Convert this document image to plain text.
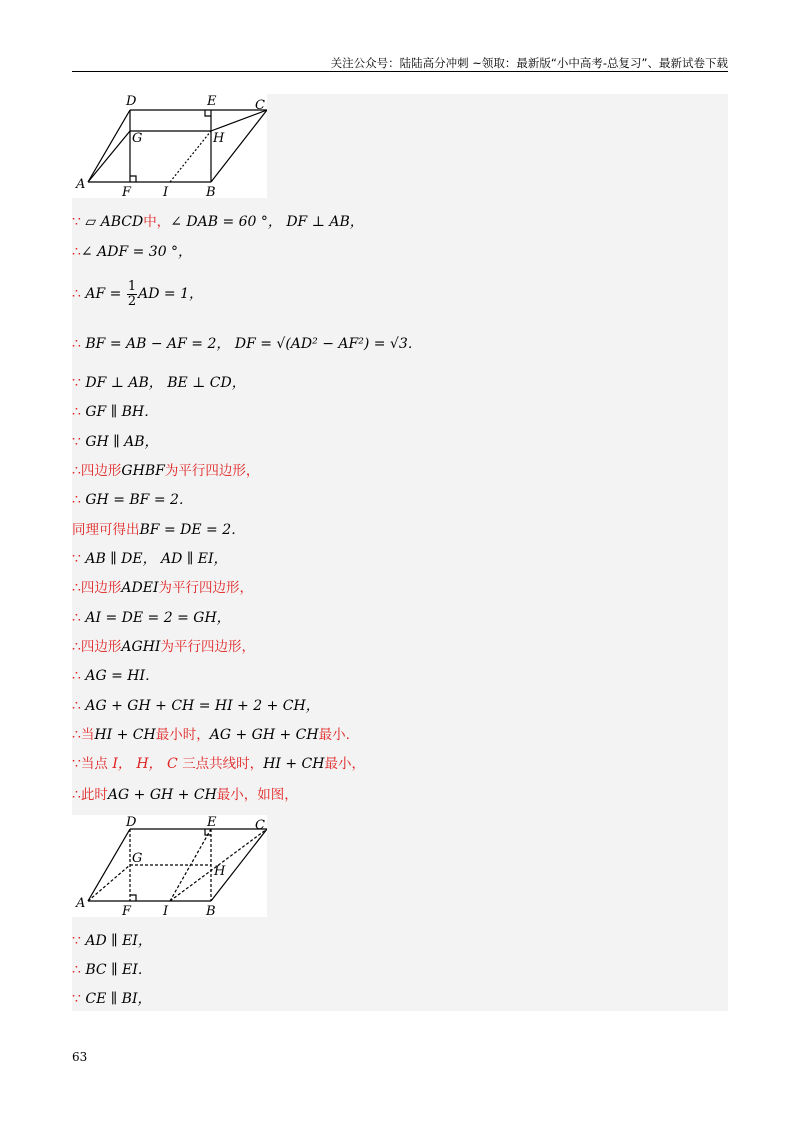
关注公众号：陆陆高分冲刺 ~领取：最新版“小中高考-总复习”、最新试卷下载
D	E	C
G	H
A
F I	B
∵ ▱ ABCD中，∠ DAB = 60 °， DF ⊥ AB，
∴∠ ADF = 30 °，
∴ AF = $\frac{1}{2}$ AD = 1，
∴ BF = AB − AF = 2， DF = √(AD² − AF²) = √3．
∵ DF ⊥ AB， BE ⊥ CD，
∴ GF ∥ BH．
∵ GH ∥ AB，
∴四边形GHBF为平行四边形，
∴ GH = BF = 2．
同理可得出BF = DE = 2．
∵ AB ∥ DE， AD ∥ EI，
∴四边形ADEI为平行四边形，
∴ AI = DE = 2 = GH，
∴四边形AGHI为平行四边形，
∴ AG = HI．
∴ AG + GH + CH = HI + 2 + CH，
∴当HI + CH最小时，AG + GH + CH最小.
∵当点 I， H， C 三点共线时，HI + CH最小，
∴此时AG + GH + CH最小，如图，
D	E	C
G
H
A
F I	B
∵ AD ∥ EI，
∴ BC ∥ EI．
∵ CE ∥ BI，
63
